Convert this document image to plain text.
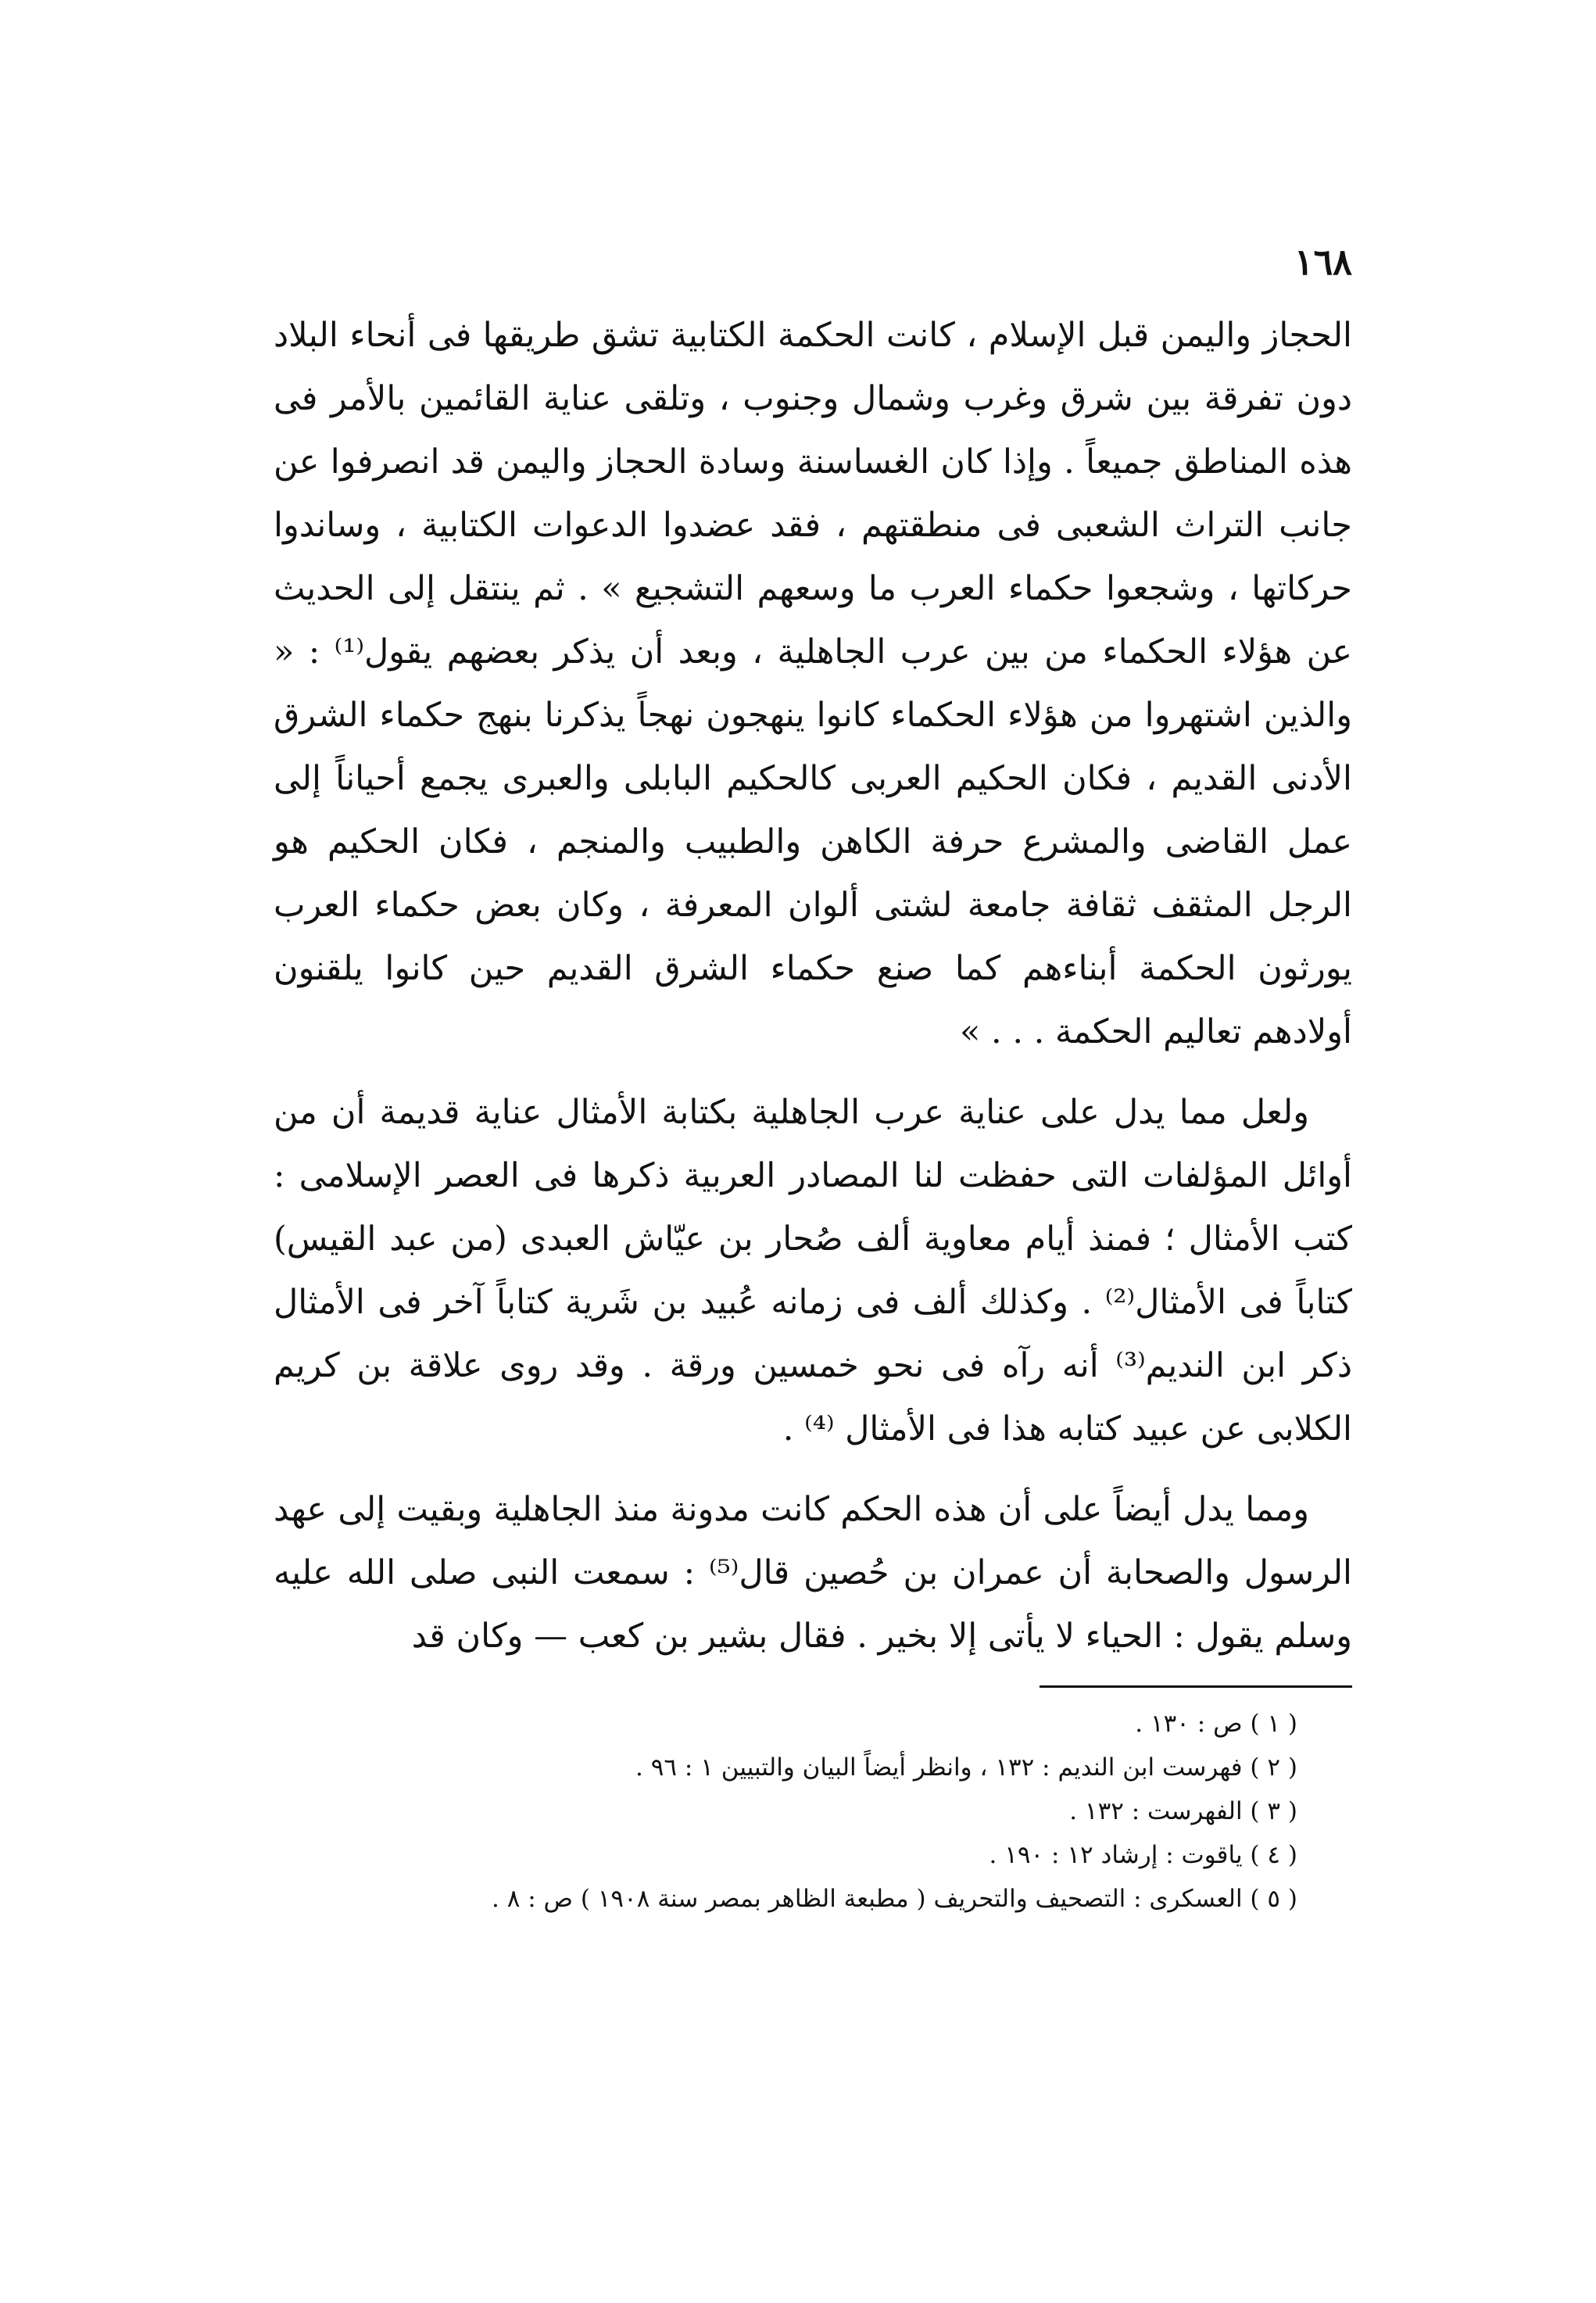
١٦٨

الحجاز واليمن قبل الإسلام ، كانت الحكمة الكتابية تشق طريقها فى أنحاء البلاد دون تفرقة بين شرق وغرب وشمال وجنوب ، وتلقى عناية القائمين بالأمر فى هذه المناطق جميعاً . وإذا كان الغساسنة وسادة الحجاز واليمن قد انصرفوا عن جانب التراث الشعبى فى منطقتهم ، فقد عضدوا الدعوات الكتابية ، وساندوا حركاتها ، وشجعوا حكماء العرب ما وسعهم التشجيع » . ثم ينتقل إلى الحديث عن هؤلاء الحكماء من بين عرب الجاهلية ، وبعد أن يذكر بعضهم يقول⁽¹⁾ : « والذين اشتهروا من هؤلاء الحكماء كانوا ينهجون نهجاً يذكرنا بنهج حكماء الشرق الأدنى القديم ، فكان الحكيم العربى كالحكيم البابلى والعبرى يجمع أحياناً إلى عمل القاضى والمشرع حرفة الكاهن والطبيب والمنجم ، فكان الحكيم هو الرجل المثقف ثقافة جامعة لشتى ألوان المعرفة ، وكان بعض حكماء العرب يورثون الحكمة أبناءهم كما صنع حكماء الشرق القديم حين كانوا يلقنون أولادهم تعاليم الحكمة . . . »

ولعل مما يدل على عناية عرب الجاهلية بكتابة الأمثال عناية قديمة أن من أوائل المؤلفات التى حفظت لنا المصادر العربية ذكرها فى العصر الإسلامى : كتب الأمثال ؛ فمنذ أيام معاوية ألف صُحار بن عيّاش العبدى (من عبد القيس) كتاباً فى الأمثال⁽²⁾ . وكذلك ألف فى زمانه عُبيد بن شَرية كتاباً آخر فى الأمثال ذكر ابن النديم⁽³⁾ أنه رآه فى نحو خمسين ورقة . وقد روى علاقة بن كريم الكلابى عن عبيد كتابه هذا فى الأمثال ⁽⁴⁾ .

ومما يدل أيضاً على أن هذه الحكم كانت مدونة منذ الجاهلية وبقيت إلى عهد الرسول والصحابة أن عمران بن حُصين قال⁽⁵⁾ : سمعت النبى صلى الله عليه وسلم يقول : الحياء لا يأتى إلا بخير . فقال بشير بن كعب — وكان قد

( ١ ) ص : ١٣٠ .

( ٢ ) فهرست ابن النديم : ١٣٢ ، وانظر أيضاً البيان والتبيين ١ : ٩٦ .

( ٣ ) الفهرست : ١٣٢ .

( ٤ ) ياقوت : إرشاد ١٢ : ١٩٠ .

( ٥ ) العسكرى : التصحيف والتحريف ( مطبعة الظاهر بمصر سنة ١٩٠٨ ) ص : ٨ .
